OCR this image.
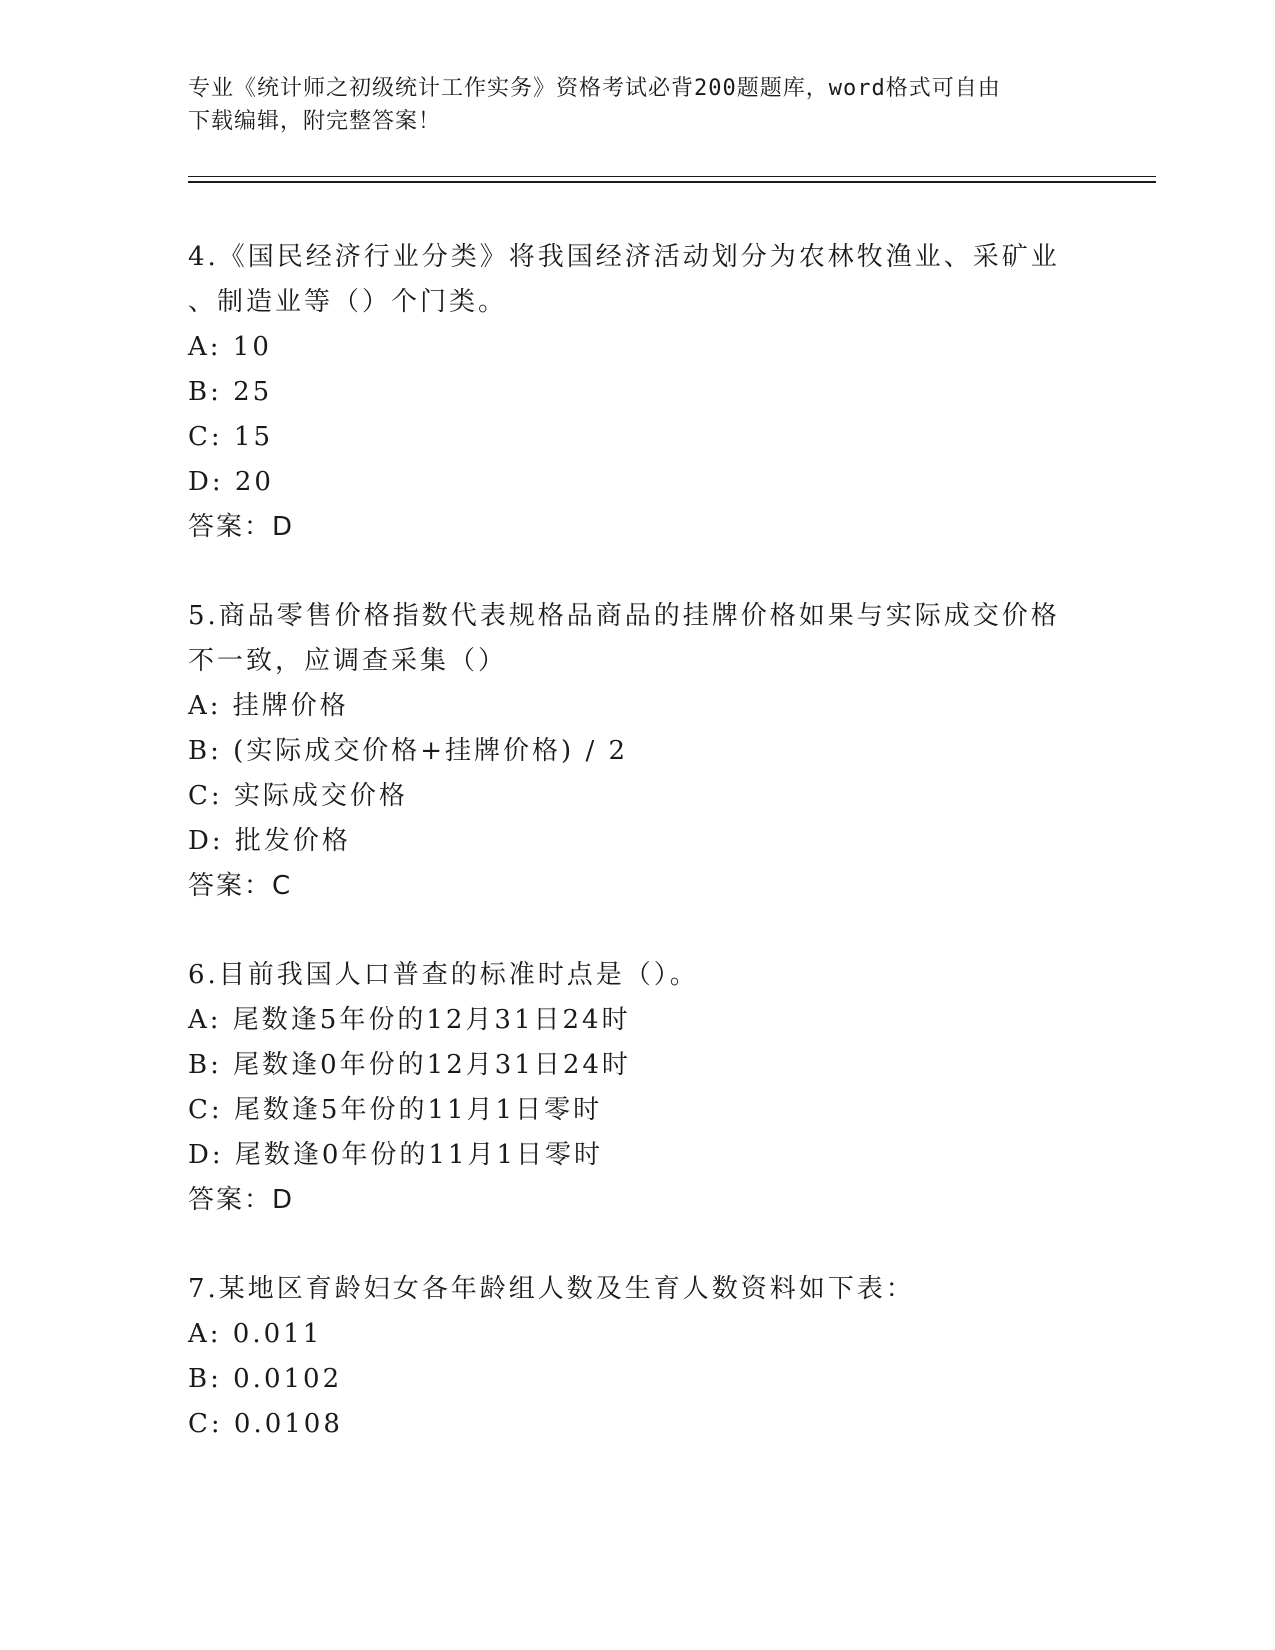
专业《统计师之初级统计工作实务》资格考试必背200题题库，word格式可自由
下载编辑，附完整答案！

4.《国民经济行业分类》将我国经济活动划分为农林牧渔业、采矿业

、制造业等（）个门类。

A: 10

B: 25

C: 15

D: 20

答案：D

5.商品零售价格指数代表规格品商品的挂牌价格如果与实际成交价格

不一致，应调查采集（）

A: 挂牌价格

B: (实际成交价格+挂牌价格) / 2

C: 实际成交价格

D: 批发价格

答案：C

6.目前我国人口普查的标准时点是（）。

A: 尾数逢5年份的12月31日24时

B: 尾数逢0年份的12月31日24时

C: 尾数逢5年份的11月1日零时

D: 尾数逢0年份的11月1日零时

答案：D

7.某地区育龄妇女各年龄组人数及生育人数资料如下表：

A: 0.011

B: 0.0102

C: 0.0108
